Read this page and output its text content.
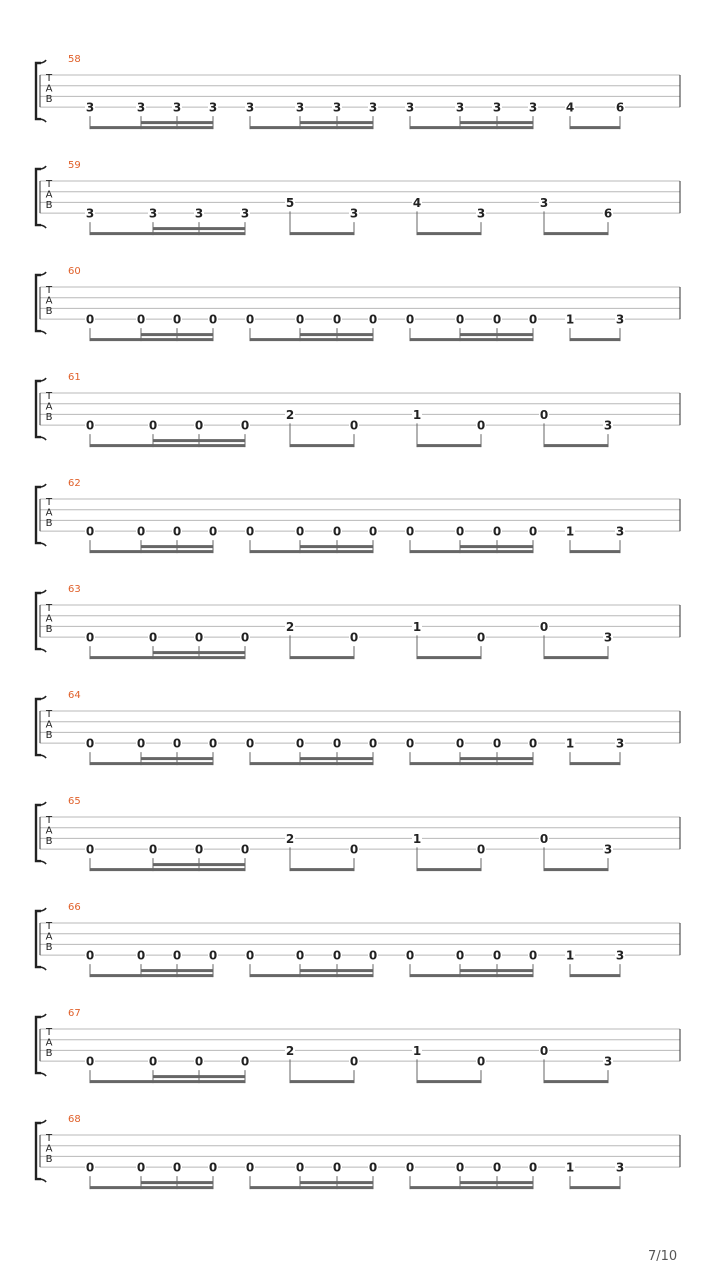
58
T
A
B
3	3 3 3 3	3 3 3 3	3 3 3 4	6
59
T
A
B
3	3	3	3
5
3
4
3
3
6
60
T
A
B
0	0 0 0 0	0 0 0 0	0 0 0 1	3
61
T
A
B
0	0	0	0
2
0
1
0
0
3
62
T
A
B
0	0 0 0 0	0 0 0 0	0 0 0 1	3
63
T
A
B
0	0	0	0
2
0
1
0
0
3
64
T
A
B
0	0 0 0 0	0 0 0 0	0 0 0 1	3
65
T
A
B
0	0	0	0
2
0
1
0
0
3
66
T
A
B
0	0 0 0 0	0 0 0 0	0 0 0 1	3
67
T
A
B
0	0	0	0
2
0
1
0
0
3
68
T
A
B
0	0 0 0 0	0 0 0 0	0 0 0 1	3
7/10
